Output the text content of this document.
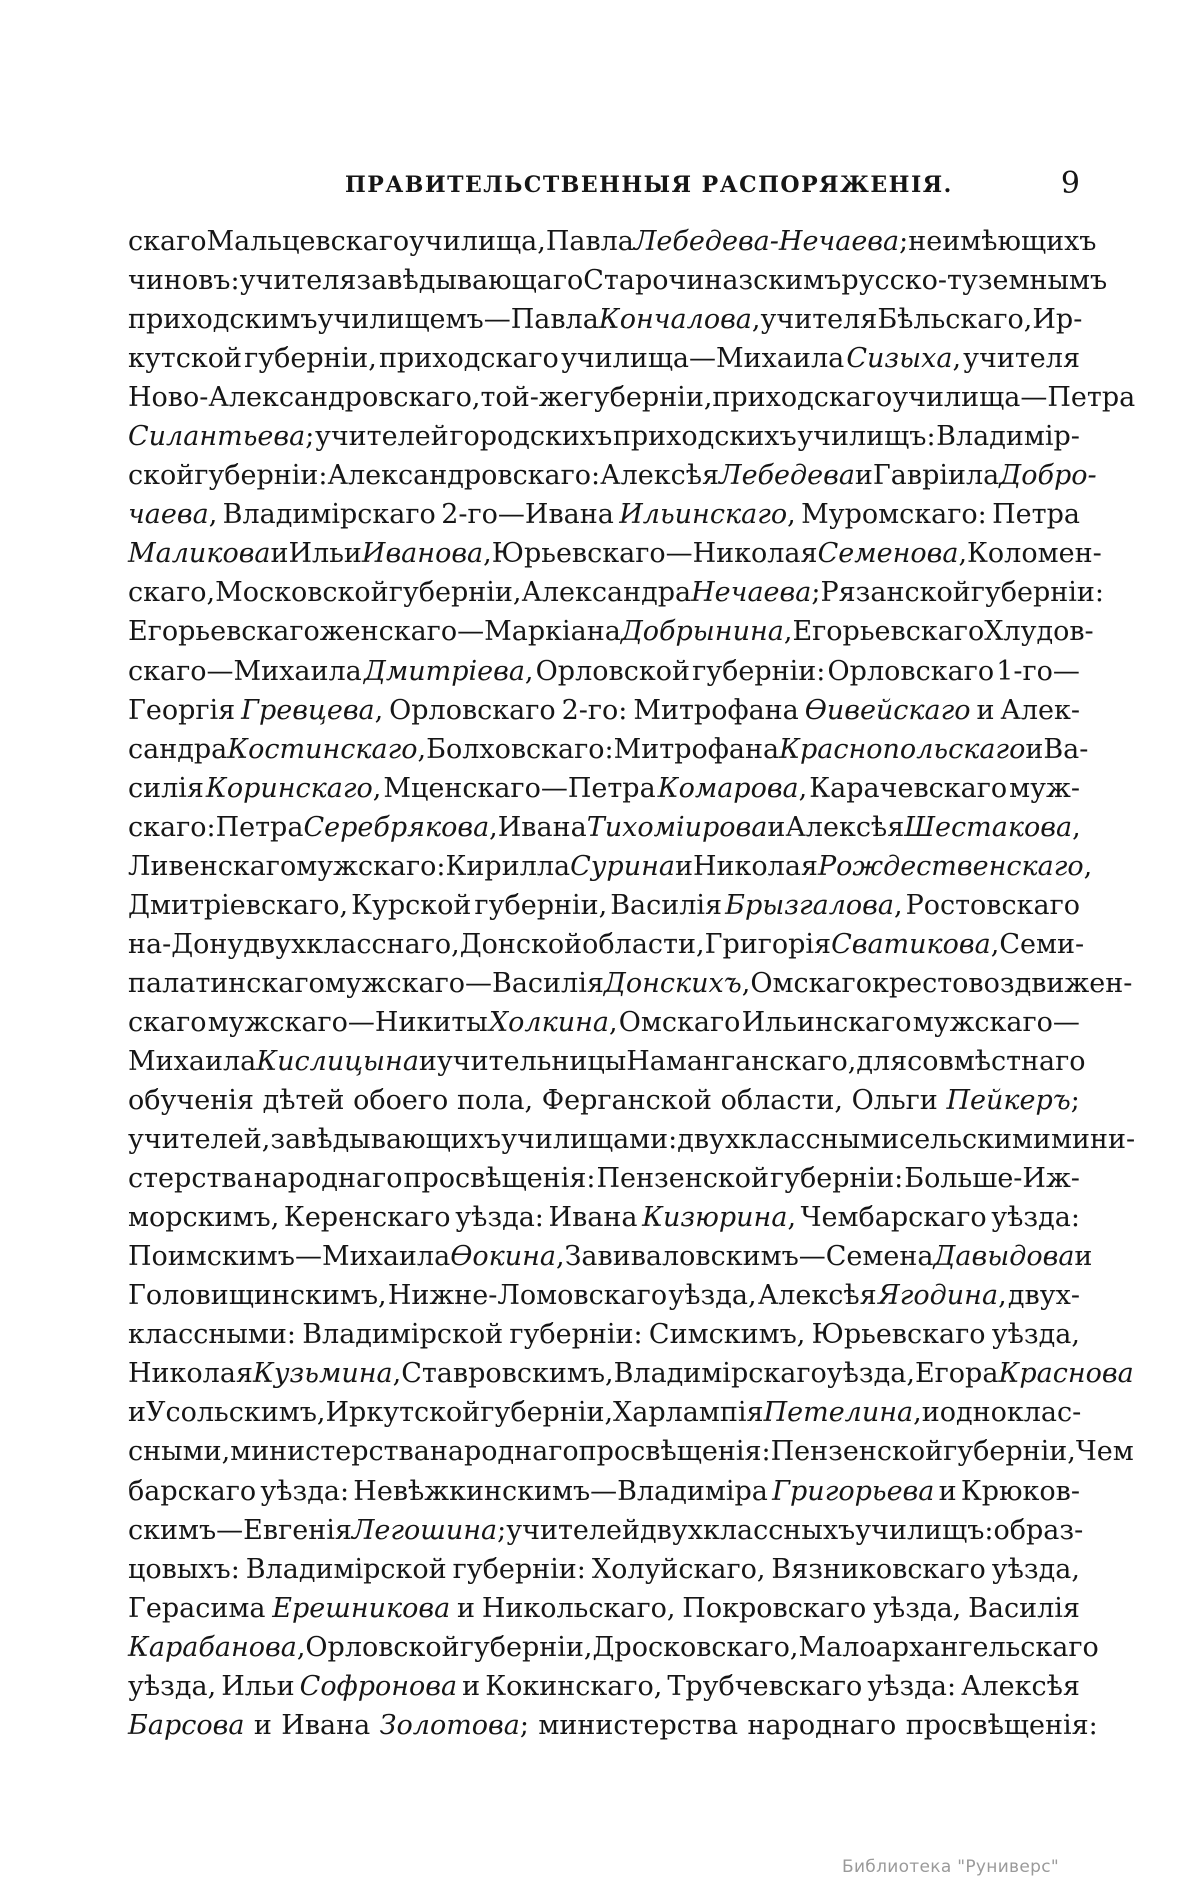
ПРАВИТЕЛЬСТВЕННЫЯ РАСПОРЯЖЕНІЯ.	9
скаго Мальцевскаго училища, Павла Лебедева-Нечаева; неимѣющихъ
чиновъ: учителя завѣдывающаго Старочиназскимъ русско-туземнымъ
приходскимъ училищемъ—Павла Кончалова, учителя Бѣльскаго, Ир-
кутской губерніи, приходскаго училища—Михаила Сизыха, учителя
Ново-Александровскаго, той-же губерніи, приходскаго училища—Петра
Силантьева; учителей городскихъ приходскихъ училищъ: Владимір-
ской губерніи: Александровскаго: Алексѣя Лебедева и Гавріила Добро-
чаева, Владимірскаго 2-го—Ивана Ильинскаго, Муромскаго: Петра
Маликова и Ильи Иванова, Юрьевскаго—Николая Семенова, Коломен-
скаго, Московской губерніи, Александра Нечаева; Рязанской губерніи:
Егорьевскаго женскаго—Маркіана Добрынина, Егорьевскаго Хлудов-
скаго—Михаила Дмитріева, Орловской губерніи: Орловскаго 1-го—
Георгія Гревцева, Орловскаго 2-го: Митрофана Өивейскаго и Алек-
сандра Костинскаго, Болховскаго: Митрофана Краснопольскаго и Ва-
силія Коринскаго, Мценскаго—Петра Комарова, Карачевскаго муж-
скаго: Петра Серебрякова, Ивана Тихоміирова и Алексѣя Шестакова,
Ливенскаго мужскаго: Кирилла Сурина и Николая Рождественскаго,
Дмитріевскаго, Курской губерніи, Василія Брызгалова, Ростовскаго
на-Дону двухкласснаго, Донской области, Григорія Сватикова, Семи-
палатинскаго мужскаго—Василія Донскихъ, Омскаго крестовоздвижен-
скаго мужскаго—Никиты Холкина, Омскаго Ильинскаго мужскаго—
Михаила Кислицына и учительницы Наманганскаго, для совмѣстнаго
обученія дѣтей обоего пола, Ферганской области, Ольги Пейкеръ;
учителей, завѣдывающихъ училищами: двухклассными сельскими мини-
стерства народнаго просвѣщенія: Пензенской губерніи: Больше-Иж-
морскимъ, Керенскаго уѣзда: Ивана Кизюрина, Чембарскаго уѣзда:
Поимскимъ—Михаила Өокина, Завиваловскимъ—Семена Давыдова и
Головищинскимъ, Нижне-Ломовскаго уѣзда, Алексѣя Ягодина, двух-
классными: Владимірской губерніи: Симскимъ, Юрьевскаго уѣзда,
Николая Кузьмина, Ставровскимъ, Владимірскаго уѣзда, Егора Краснова
и Усольскимъ, Иркутской губерніи, Харлампія Петелина, и одноклас-
сными, министерства народнаго просвѣщенія: Пензенской губерніи, Чем
барскаго уѣзда: Невѣжкинскимъ—Владиміра Григорьева и Крюков-
скимъ—Евгенія Легошина; учителей двухклассныхъ училищъ: образ-
цовыхъ: Владимірской губерніи: Холуйскаго, Вязниковскаго уѣзда,
Герасима Ерешникова и Никольскаго, Покровскаго уѣзда, Василія
Карабанова, Орловской губерніи, Дросковскаго, Малоархангельскаго
уѣзда, Ильи Софронова и Кокинскаго, Трубчевскаго уѣзда: Алексѣя
Барсова и Ивана Золотова; министерства народнаго просвѣщенія:
Библиотека "Руниверс"
